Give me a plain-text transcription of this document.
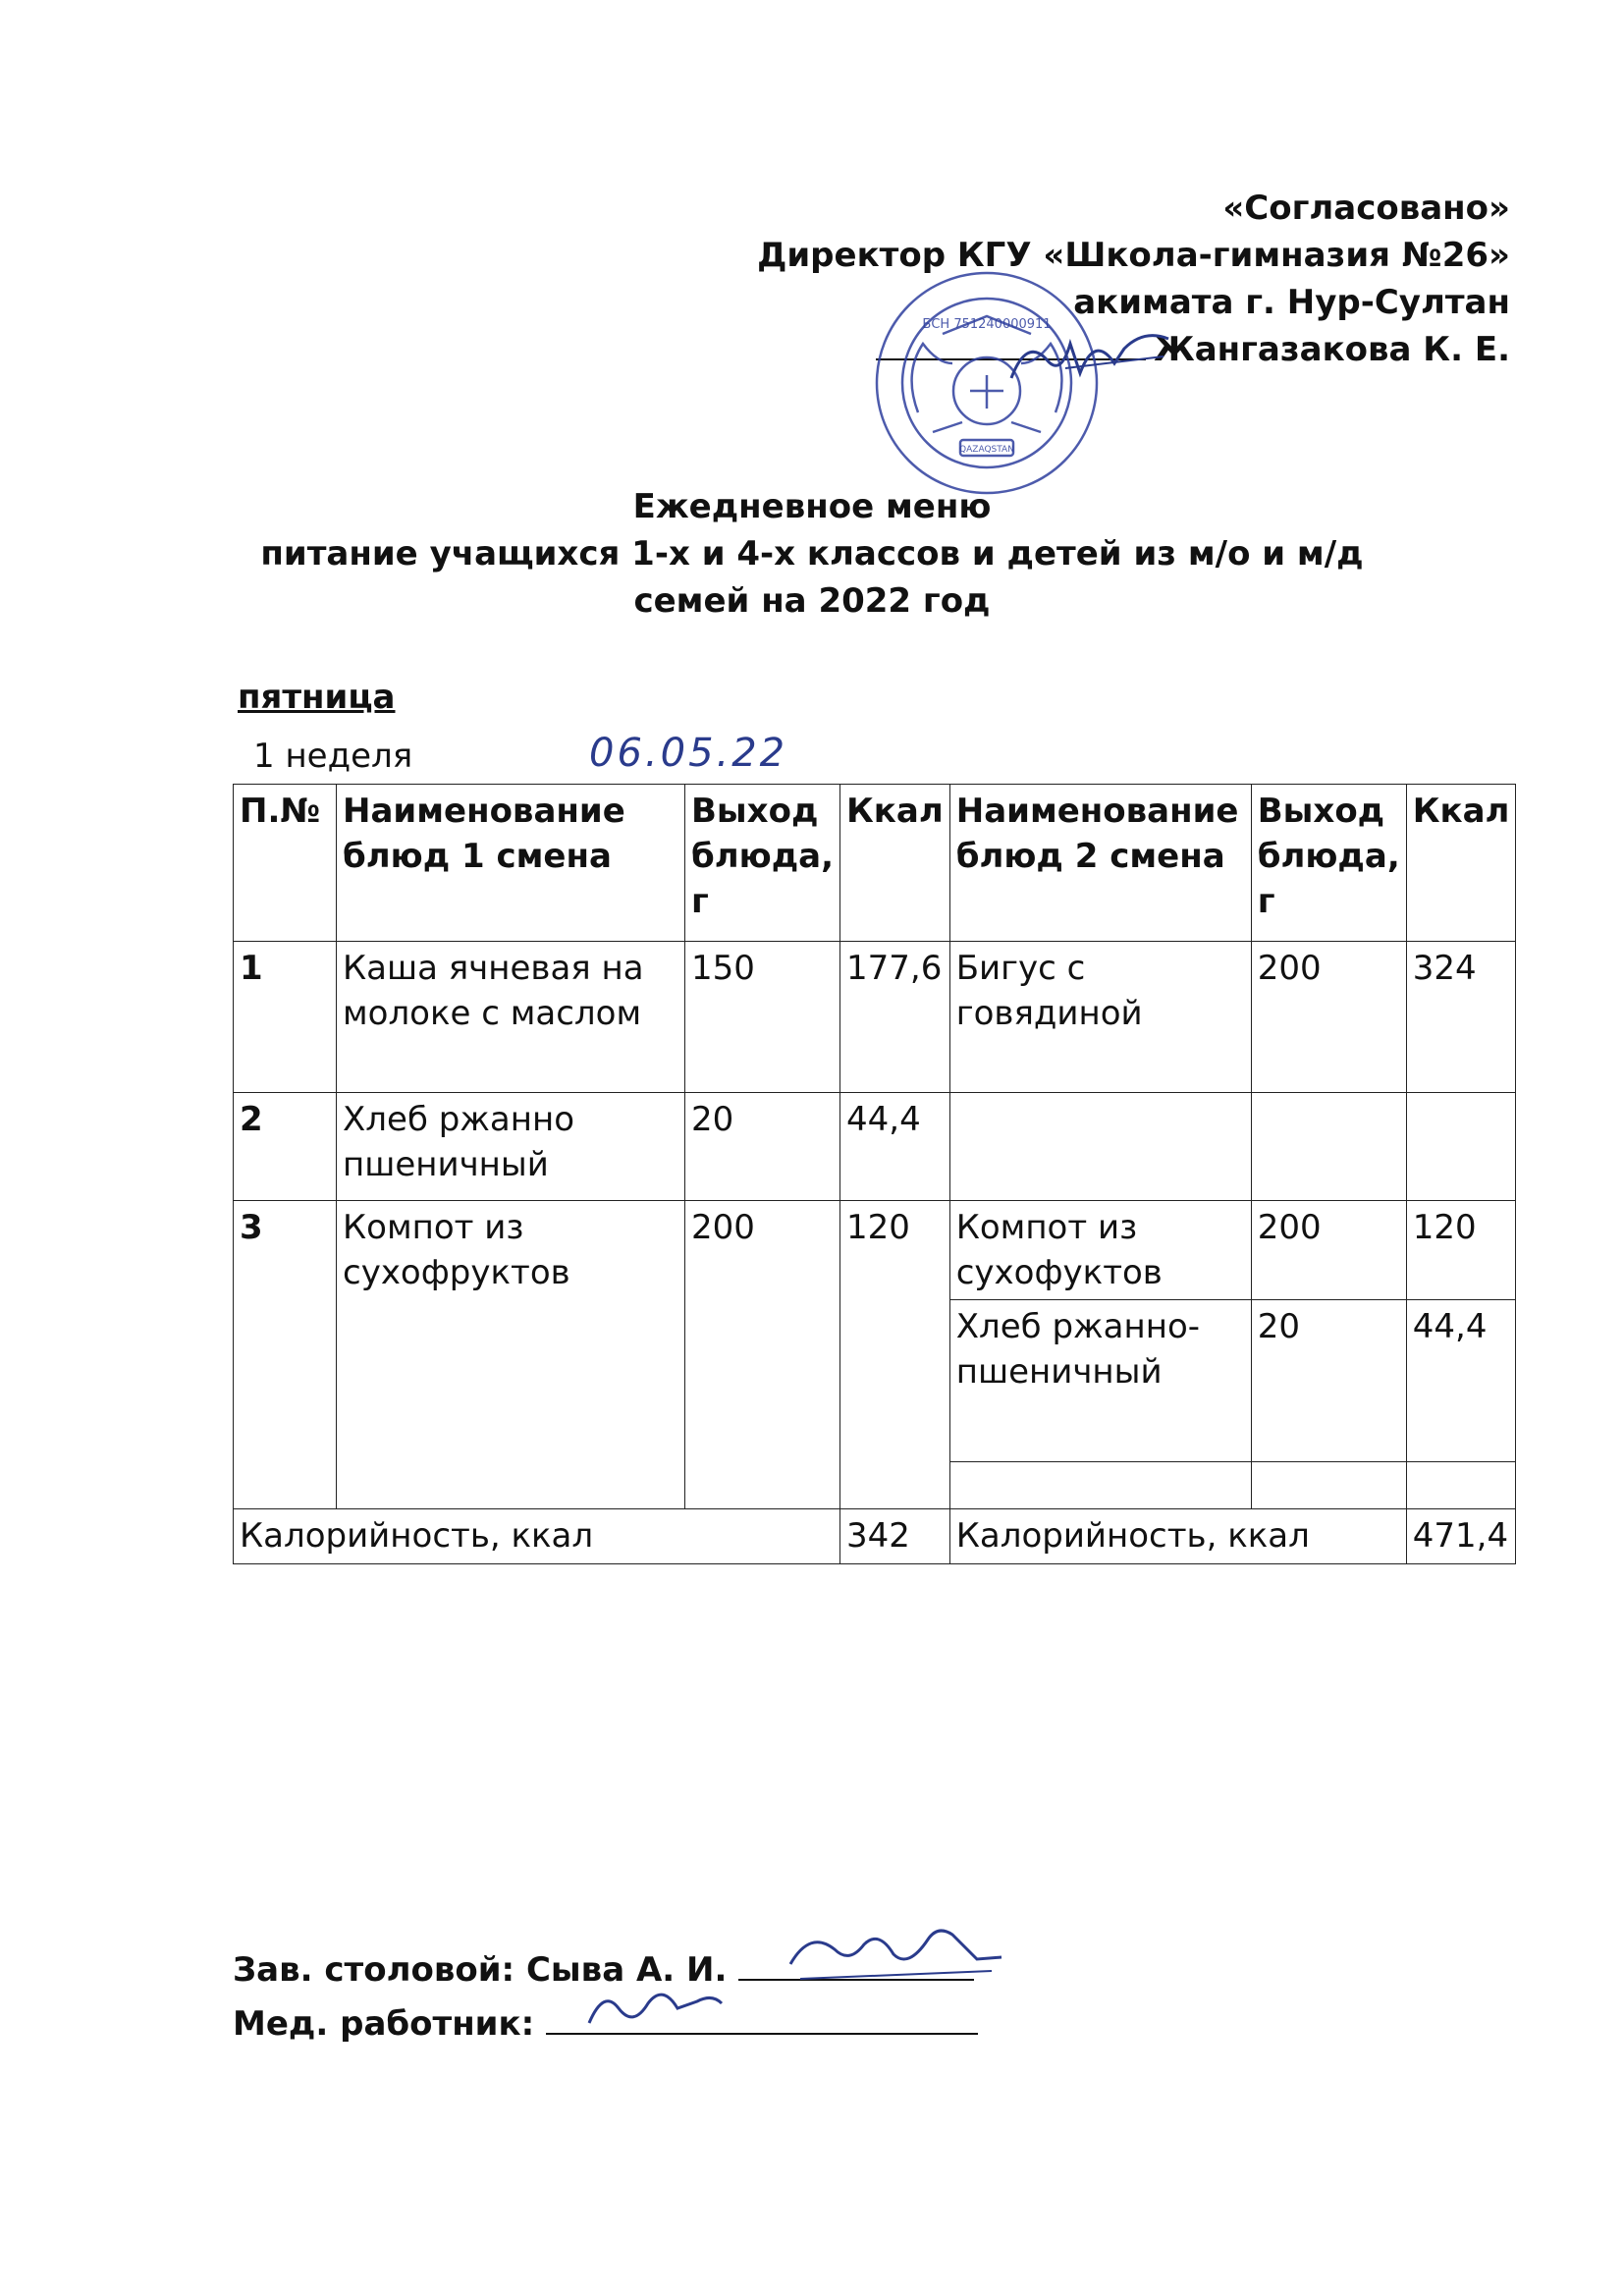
«Согласовано»
Директор КГУ «Школа-гимназия №26»
акимата г. Нур-Султан
Жангазакова К. Е.
БСН 751240000911
QAZAQSTAN
Ежедневное меню
питание учащихся 1-х и 4-х классов и детей из м/о и м/д
семей на 2022 год
пятница
1 неделя	06.05.22
П.№	Наименование блюд 1 смена	Выход блюда, г	Ккал	Наименование блюд 2 смена	Выход блюда, г	Ккал
1	Каша ячневая на молоке с маслом	150	177,6	Бигус с говядиной	200	324
2	Хлеб ржанно пшеничный	20	44,4			
3	Компот из сухофруктов	200	120	Компот из сухофуктов	200	120
				Хлеб ржанно-пшеничный	20	44,4

Калорийность, ккал			342	Калорийность, ккал		471,4
Зав. столовой: Сыва А. И.
Мед. работник:
